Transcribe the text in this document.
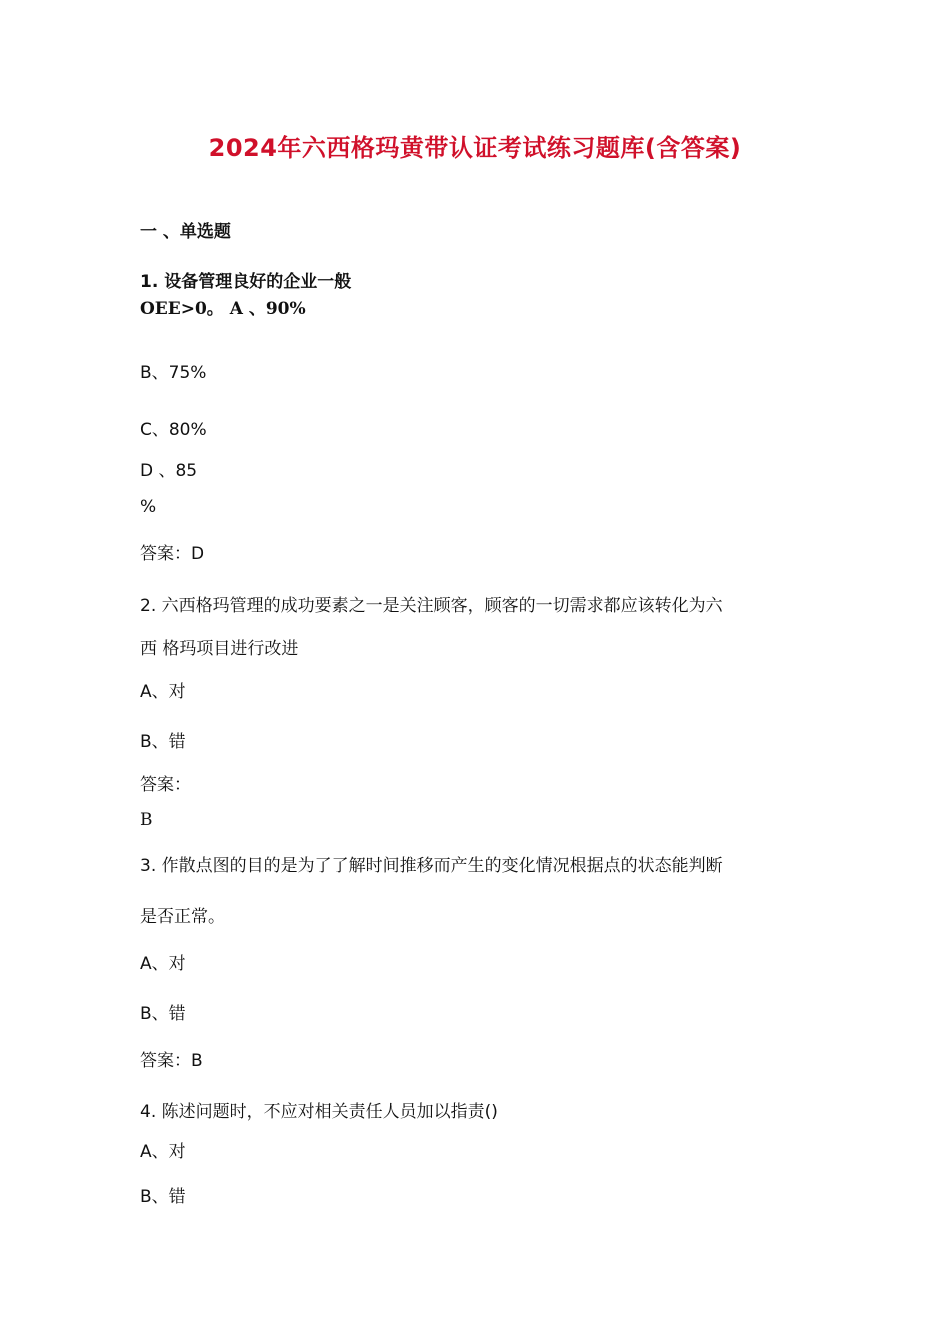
2024年六西格玛黄带认证考试练习题库(含答案)
一 、单选题
1. 设备管理良好的企业一般
OEE>0。 A 、90%
B、75%
C、80%
D 、85
%
答案：D
2. 六西格玛管理的成功要素之一是关注顾客，顾客的一切需求都应该转化为六
西 格玛项目进行改进
A、对
B、错
答案：
B
3. 作散点图的目的是为了了解时间推移而产生的变化情况根据点的状态能判断
是否正常。
A、对
B、错
答案：B
4. 陈述问题时，不应对相关责任人员加以指责()
A、对
B、错
